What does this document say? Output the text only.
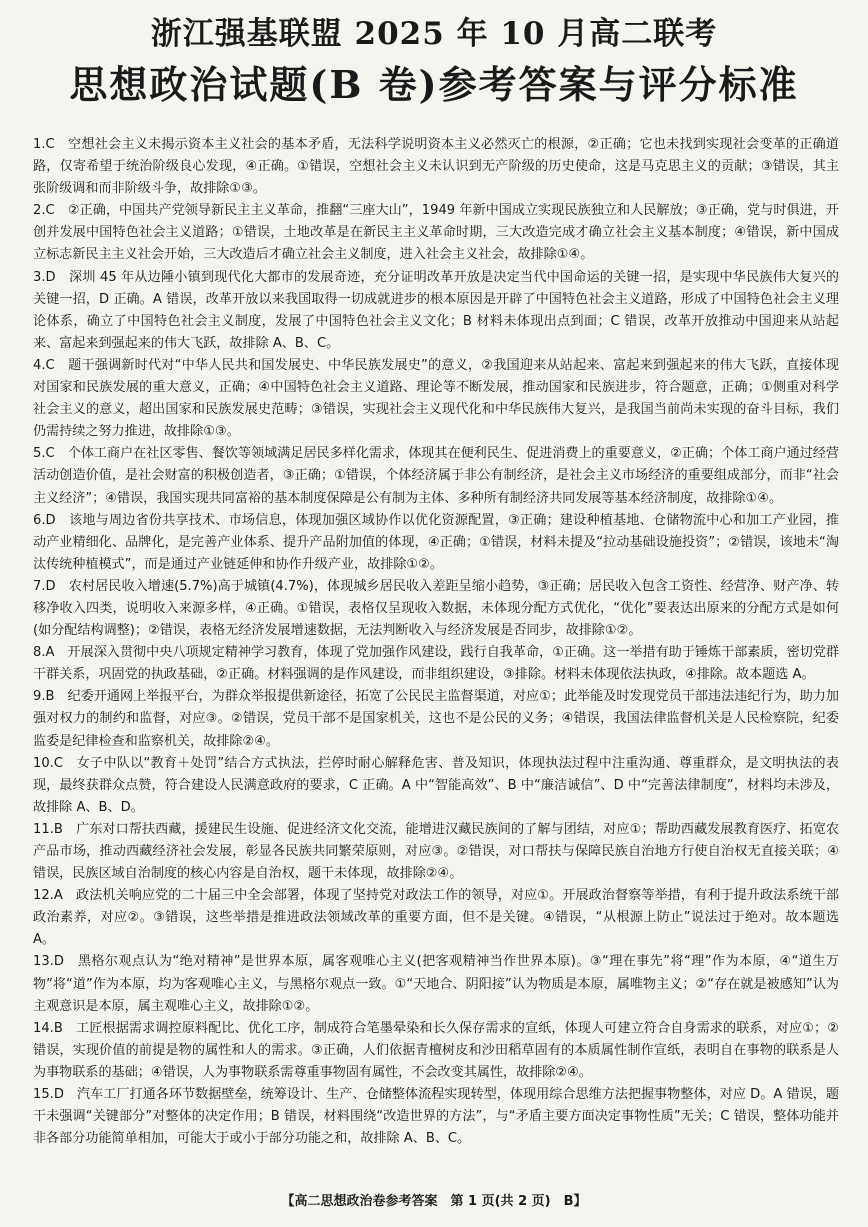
浙江强基联盟 2025 年 10 月高二联考
思想政治试题(B 卷)参考答案与评分标准

1.C　空想社会主义未揭示资本主义社会的基本矛盾，无法科学说明资本主义必然灭亡的根源，②正确；它也未找到实现社会变革的正确道路，仅寄希望于统治阶级良心发现，④正确。①错误，空想社会主义未认识到无产阶级的历史使命，这是马克思主义的贡献；③错误，其主张阶级调和而非阶级斗争，故排除①③。

2.C　②正确，中国共产党领导新民主主义革命，推翻“三座大山”，1949 年新中国成立实现民族独立和人民解放；③正确，党与时俱进，开创并发展中国特色社会主义道路；①错误，土地改革是在新民主主义革命时期，三大改造完成才确立社会主义基本制度；④错误，新中国成立标志新民主主义社会开始，三大改造后才确立社会主义制度，进入社会主义社会，故排除①④。

3.D　深圳 45 年从边陲小镇到现代化大都市的发展奇迹，充分证明改革开放是决定当代中国命运的关键一招，是实现中华民族伟大复兴的关键一招，D 正确。A 错误，改革开放以来我国取得一切成就进步的根本原因是开辟了中国特色社会主义道路，形成了中国特色社会主义理论体系，确立了中国特色社会主义制度，发展了中国特色社会主义文化；B 材料未体现出点到面；C 错误，改革开放推动中国迎来从站起来、富起来到强起来的伟大飞跃，故排除 A、B、C。

4.C　题干强调新时代对“中华人民共和国发展史、中华民族发展史”的意义，②我国迎来从站起来、富起来到强起来的伟大飞跃，直接体现对国家和民族发展的重大意义，正确；④中国特色社会主义道路、理论等不断发展，推动国家和民族进步，符合题意，正确；①侧重对科学社会主义的意义，超出国家和民族发展史范畴；③错误，实现社会主义现代化和中华民族伟大复兴，是我国当前尚未实现的奋斗目标，我们仍需持续之努力推进，故排除①③。

5.C　个体工商户在社区零售、餐饮等领域满足居民多样化需求，体现其在便利民生、促进消费上的重要意义，②正确；个体工商户通过经营活动创造价值，是社会财富的积极创造者，③正确；①错误，个体经济属于非公有制经济，是社会主义市场经济的重要组成部分，而非“社会主义经济”；④错误，我国实现共同富裕的基本制度保障是公有制为主体、多种所有制经济共同发展等基本经济制度，故排除①④。

6.D　该地与周边省份共享技术、市场信息，体现加强区域协作以优化资源配置，③正确；建设种植基地、仓储物流中心和加工产业园，推动产业精细化、品牌化，是完善产业体系、提升产品附加值的体现，④正确；①错误，材料未提及“拉动基础设施投资”；②错误，该地未“淘汰传统种植模式”，而是通过产业链延伸和协作升级产业，故排除①②。

7.D　农村居民收入增速(5.7%)高于城镇(4.7%)，体现城乡居民收入差距呈缩小趋势，③正确；居民收入包含工资性、经营净、财产净、转移净收入四类，说明收入来源多样，④正确。①错误，表格仅呈现收入数据，未体现分配方式优化，“优化”要表达出原来的分配方式是如何(如分配结构调整)；②错误，表格无经济发展增速数据，无法判断收入与经济发展是否同步，故排除①②。

8.A　开展深入贯彻中央八项规定精神学习教育，体现了党加强作风建设，践行自我革命，①正确。这一举措有助于锤炼干部素质，密切党群干群关系，巩固党的执政基础，②正确。材料强调的是作风建设，而非组织建设，③排除。材料未体现依法执政，④排除。故本题选 A。

9.B　纪委开通网上举报平台，为群众举报提供新途径，拓宽了公民民主监督渠道，对应①；此举能及时发现党员干部违法违纪行为，助力加强对权力的制约和监督，对应③。②错误，党员干部不是国家机关，这也不是公民的义务；④错误，我国法律监督机关是人民检察院，纪委监委是纪律检查和监察机关，故排除②④。

10.C　女子中队以“教育＋处罚”结合方式执法，拦停时耐心解释危害、普及知识，体现执法过程中注重沟通、尊重群众，是文明执法的表现，最终获群众点赞，符合建设人民满意政府的要求，C 正确。A 中“智能高效”、B 中“廉洁诚信”、D 中“完善法律制度”，材料均未涉及，故排除 A、B、D。

11.B　广东对口帮扶西藏，援建民生设施、促进经济文化交流，能增进汉藏民族间的了解与团结，对应①；帮助西藏发展教育医疗、拓宽农产品市场，推动西藏经济社会发展，彰显各民族共同繁荣原则，对应③。②错误，对口帮扶与保障民族自治地方行使自治权无直接关联；④错误，民族区域自治制度的核心内容是自治权，题干未体现，故排除②④。

12.A　政法机关响应党的二十届三中全会部署，体现了坚持党对政法工作的领导，对应①。开展政治督察等举措，有利于提升政法系统干部政治素养，对应②。③错误，这些举措是推进政法领域改革的重要方面，但不是关键。④错误，“从根源上防止”说法过于绝对。故本题选 A。

13.D　黑格尔观点认为“绝对精神”是世界本原，属客观唯心主义(把客观精神当作世界本原)。③“理在事先”将“理”作为本原，④“道生万物”将“道”作为本原，均为客观唯心主义，与黑格尔观点一致。①“天地合、阴阳接”认为物质是本原，属唯物主义；②“存在就是被感知”认为主观意识是本原，属主观唯心主义，故排除①②。

14.B　工匠根据需求调控原料配比、优化工序，制成符合笔墨晕染和长久保存需求的宣纸，体现人可建立符合自身需求的联系，对应①；②错误，实现价值的前提是物的属性和人的需求。③正确，人们依据青檀树皮和沙田稻草固有的本质属性制作宣纸，表明自在事物的联系是人为事物联系的基础；④错误，人为事物联系需尊重事物固有属性，不会改变其属性，故排除②④。

15.D　汽车工厂打通各环节数据壁垒，统筹设计、生产、仓储整体流程实现转型，体现用综合思维方法把握事物整体，对应 D。A 错误，题干未强调“关键部分”对整体的决定作用；B 错误，材料围绕“改造世界的方法”，与“矛盾主要方面决定事物性质”无关；C 错误，整体功能并非各部分功能简单相加，可能大于或小于部分功能之和，故排除 A、B、C。

【高二思想政治卷参考答案　第 1 页(共 2 页)　B】
